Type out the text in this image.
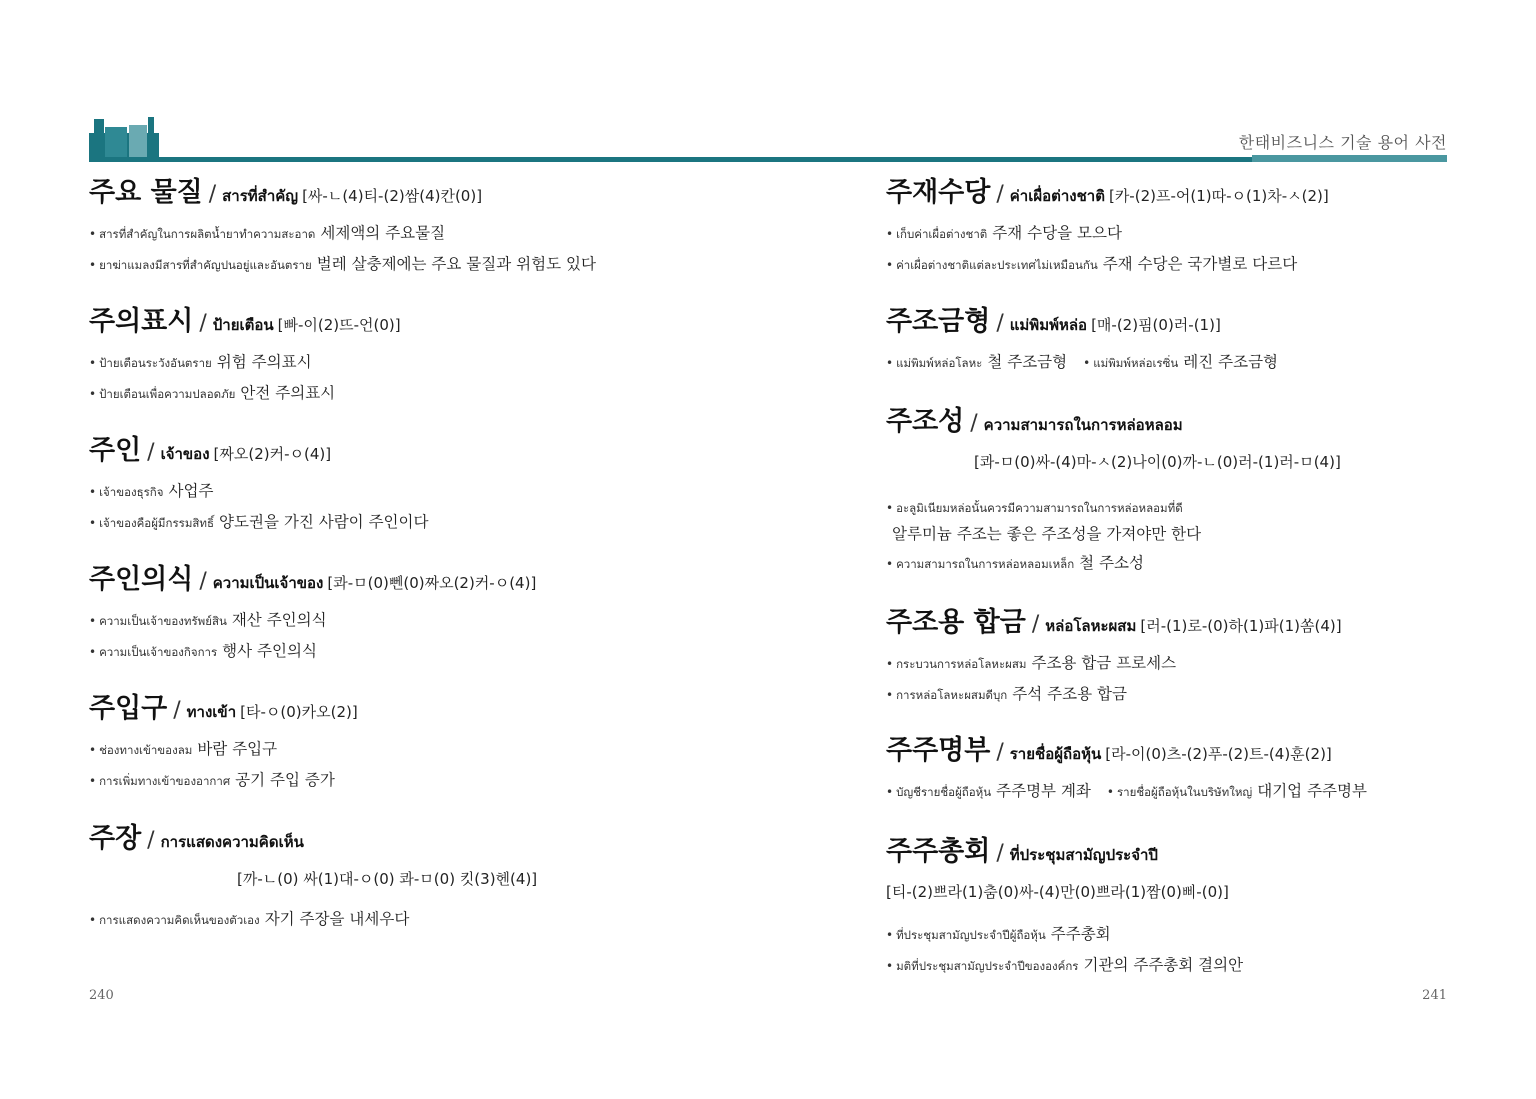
한태비즈니스 기술 용어 사전
주요 물질 / สารที่สำคัญ [싸-ㄴ(4)티-(2)쌈(4)칸(0)]
• สารที่สำคัญในการผลิตน้ำยาทำความสะอาด 세제액의 주요물질
• ยาฆ่าแมลงมีสารที่สำคัญปนอยู่และอันตราย 벌레 살충제에는 주요 물질과 위험도 있다
주의표시 / ป้ายเตือน [빠-이(2)뜨-언(0)]
• ป้ายเตือนระวังอันตราย 위험 주의표시
• ป้ายเตือนเพื่อความปลอดภัย 안전 주의표시
주인 / เจ้าของ [짜오(2)커-ㅇ(4)]
• เจ้าของธุรกิจ 사업주
• เจ้าของคือผู้มีกรรมสิทธิ์ 양도권을 가진 사람이 주인이다
주인의식 / ความเป็นเจ้าของ [콰-ㅁ(0)뻰(0)짜오(2)커-ㅇ(4)]
• ความเป็นเจ้าของทรัพย์สิน 재산 주인의식
• ความเป็นเจ้าของกิจการ 행사 주인의식
주입구 / ทางเข้า [타-ㅇ(0)카오(2)]
• ช่องทางเข้าของลม 바람 주입구
• การเพิ่มทางเข้าของอากาศ 공기 주입 증가
주장 / การแสดงความคิดเห็น
[까-ㄴ(0) 싸(1)대-ㅇ(0) 콰-ㅁ(0) 킷(3)헨(4)]
• การแสดงความคิดเห็นของตัวเอง 자기 주장을 내세우다
240
주재수당 / ค่าเผื่อต่างชาติ [카-(2)프-어(1)따-ㅇ(1)차-ㅅ(2)]
• เก็บค่าเผื่อต่างชาติ 주재 수당을 모으다
• ค่าเผื่อต่างชาติแต่ละประเทศไม่เหมือนกัน 주재 수당은 국가별로 다르다
주조금형 / แม่พิมพ์หล่อ [매-(2)핌(0)러-(1)]
• แม่พิมพ์หล่อโลหะ 철 주조금형 • แม่พิมพ์หล่อเรซิ่น 레진 주조금형
주조성 / ความสามารถในการหล่อหลอม
[콰-ㅁ(0)싸-(4)마-ㅅ(2)나이(0)까-ㄴ(0)러-(1)러-ㅁ(4)]
• อะลูมิเนียมหล่อนั้นควรมีความสามารถในการหล่อหลอมที่ดี
알루미늄 주조는 좋은 주조성을 가져야만 한다
• ความสามารถในการหล่อหลอมเหล็ก 철 주소성
주조용 합금 / หล่อโลหะผสม [러-(1)로-(0)하(1)파(1)쏨(4)]
• กระบวนการหล่อโลหะผสม 주조용 합금 프로세스
• การหล่อโลหะผสมดีบุก 주석 주조용 합금
주주명부 / รายชื่อผู้ถือหุ้น [라-이(0)츠-(2)푸-(2)트-(4)훈(2)]
• บัญชีรายชื่อผู้ถือหุ้น 주주명부 계좌 • รายชื่อผู้ถือหุ้นในบริษัทใหญ่ 대기업 주주명부
주주총회 / ที่ประชุมสามัญประจำปี
[티-(2)쁘라(1)춤(0)싸-(4)만(0)쁘라(1)짬(0)삐-(0)]
• ที่ประชุมสามัญประจำปีผู้ถือหุ้น 주주총회
• มติที่ประชุมสามัญประจำปีขององค์กร 기관의 주주총회 결의안
241
